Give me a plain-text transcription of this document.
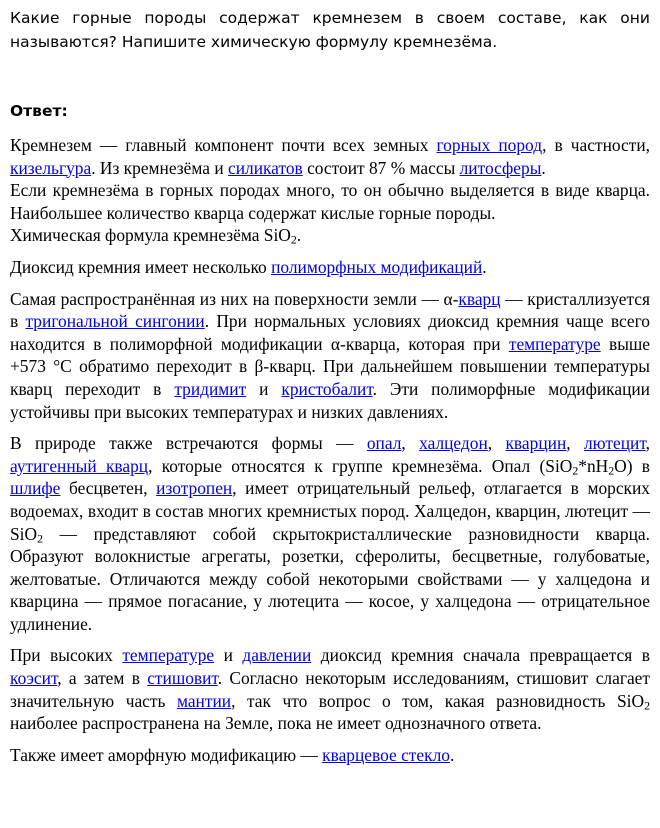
Какие горные породы содержат кремнезем в своем составе, как они называются? Напишите химическую формулу кремнезёма.

Ответ:

Кремнезем — главный компонент почти всех земных горных пород, в частности, кизельгура. Из кремнезёма и силикатов состоит 87 % массы литосферы.

Если кремнезёма в горных породах много, то он обычно выделяется в виде кварца. Наибольшее количество кварца содержат кислые горные породы.

Химическая формула кремнезёма SiO$_2$.

Диоксид кремния имеет несколько полиморфных модификаций.

Самая распространённая из них на поверхности земли — α-кварц — кристаллизуется в тригональной сингонии. При нормальных условиях диоксид кремния чаще всего находится в полиморфной модификации α-кварца, которая при температуре выше +573 °С обратимо переходит в β-кварц. При дальнейшем повышении температуры кварц переходит в тридимит и кристобалит. Эти полиморфные модификации устойчивы при высоких температурах и низких давлениях.

В природе также встречаются формы — опал, халцедон, кварцин, лютецит, аутигенный кварц, которые относятся к группе кремнезёма. Опал $(SiO_2*nH_2O)$ в шлифе бесцветен, изотропен, имеет отрицательный рельеф, отлагается в морских водоемах, входит в состав многих кремнистых пород. Халцедон, кварцин, лютецит — SiO$_2$ — представляют собой скрытокристаллические разновидности кварца. Образуют волокнистые агрегаты, розетки, сферолиты, бесцветные, голубоватые, желтоватые. Отличаются между собой некоторыми свойствами — у халцедона и кварцина — прямое погасание, у лютецита — косое, у халцедона — отрицательное удлинение.

При высоких температуре и давлении диоксид кремния сначала превращается в коэсит, а затем в стишовит. Согласно некоторым исследованиям, стишовит слагает значительную часть мантии, так что вопрос о том, какая разновидность SiO$_2$ наиболее распространена на Земле, пока не имеет однозначного ответа.

Также имеет аморфную модификацию — кварцевое стекло.
